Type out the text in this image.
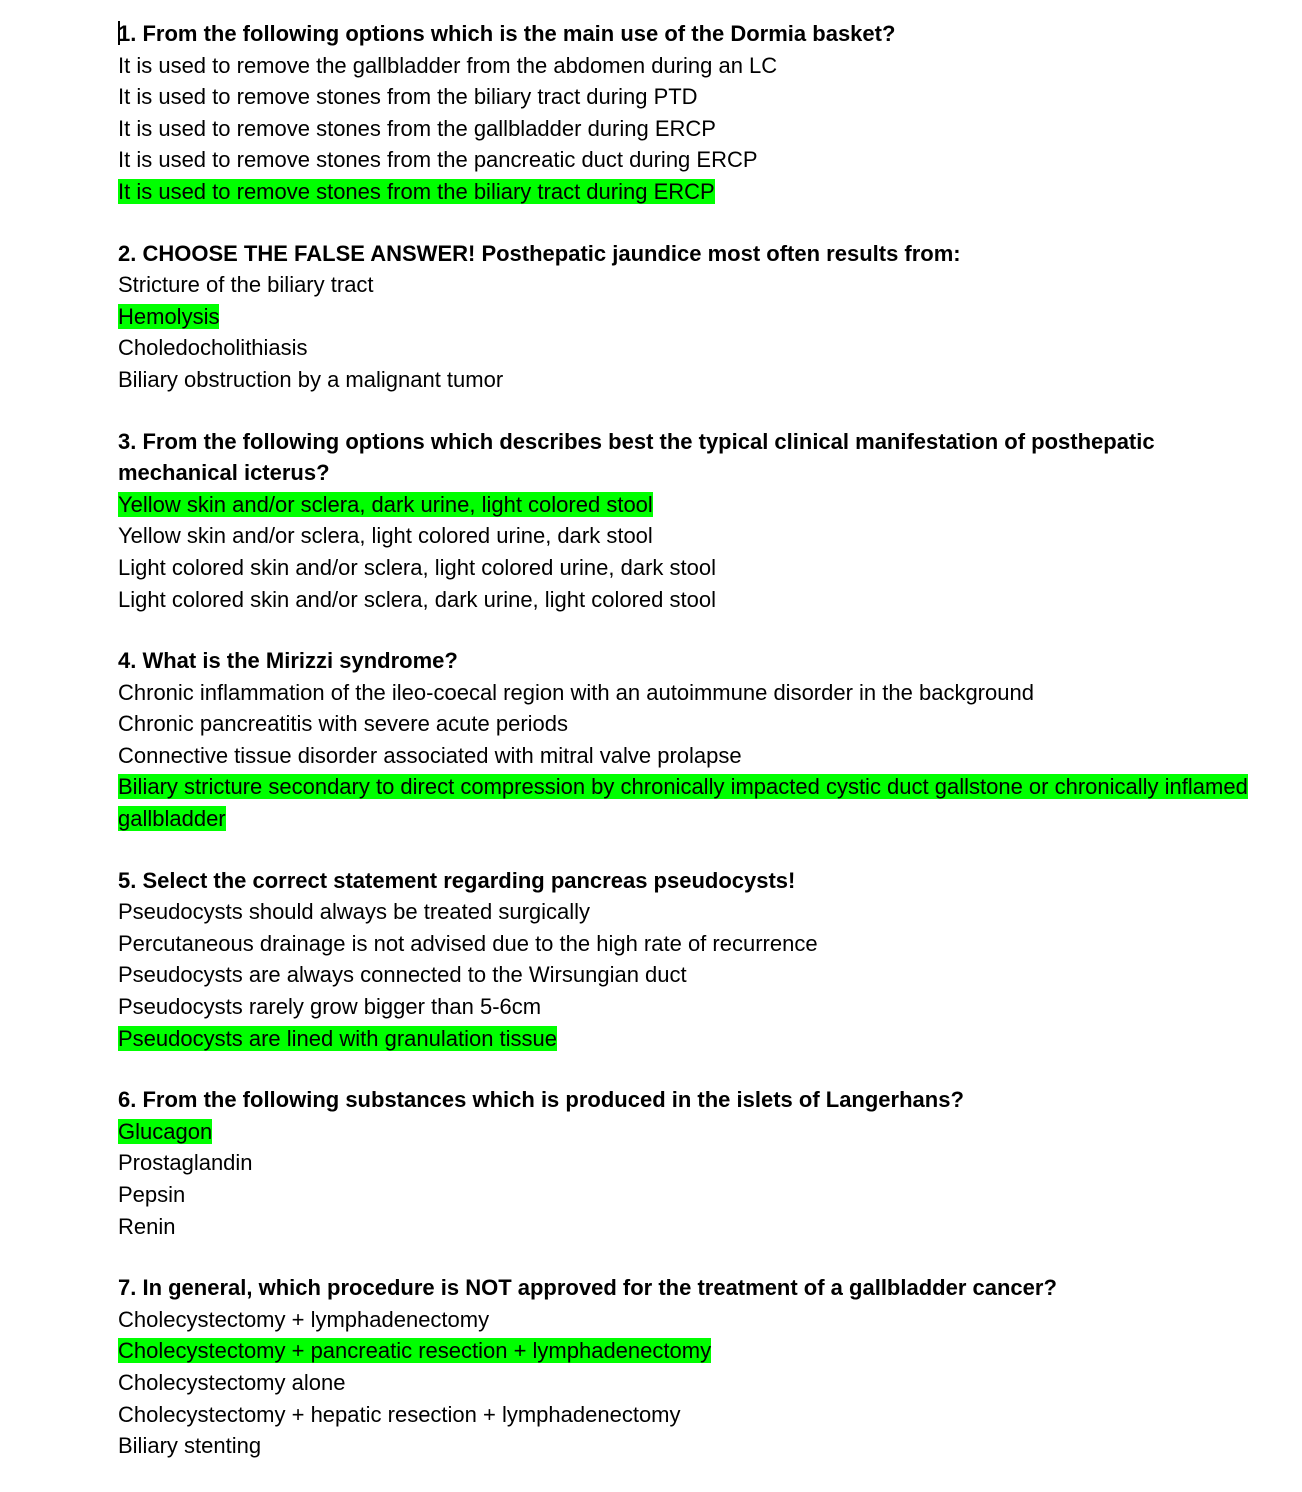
1. From the following options which is the main use of the Dormia basket?

It is used to remove the gallbladder from the abdomen during an LC

It is used to remove stones from the biliary tract during PTD

It is used to remove stones from the gallbladder during ERCP

It is used to remove stones from the pancreatic duct during ERCP

It is used to remove stones from the biliary tract during ERCP

2. CHOOSE THE FALSE ANSWER! Posthepatic jaundice most often results from:

Stricture of the biliary tract

Hemolysis

Choledocholithiasis

Biliary obstruction by a malignant tumor

3. From the following options which describes best the typical clinical manifestation of posthepatic mechanical icterus?

Yellow skin and/or sclera, dark urine, light colored stool

Yellow skin and/or sclera, light colored urine, dark stool

Light colored skin and/or sclera, light colored urine, dark stool

Light colored skin and/or sclera, dark urine, light colored stool

4. What is the Mirizzi syndrome?

Chronic inflammation of the ileo-coecal region with an autoimmune disorder in the background

Chronic pancreatitis with severe acute periods

Connective tissue disorder associated with mitral valve prolapse

Biliary stricture secondary to direct compression by chronically impacted cystic duct gallstone or chronically inflamed gallbladder

5. Select the correct statement regarding pancreas pseudocysts!

Pseudocysts should always be treated surgically

Percutaneous drainage is not advised due to the high rate of recurrence

Pseudocysts are always connected to the Wirsungian duct

Pseudocysts rarely grow bigger than 5-6cm

Pseudocysts are lined with granulation tissue

6. From the following substances which is produced in the islets of Langerhans?

Glucagon

Prostaglandin

Pepsin

Renin

7. In general, which procedure is NOT approved for the treatment of a gallbladder cancer?

Cholecystectomy + lymphadenectomy

Cholecystectomy + pancreatic resection + lymphadenectomy

Cholecystectomy alone

Cholecystectomy + hepatic resection + lymphadenectomy

Biliary stenting
